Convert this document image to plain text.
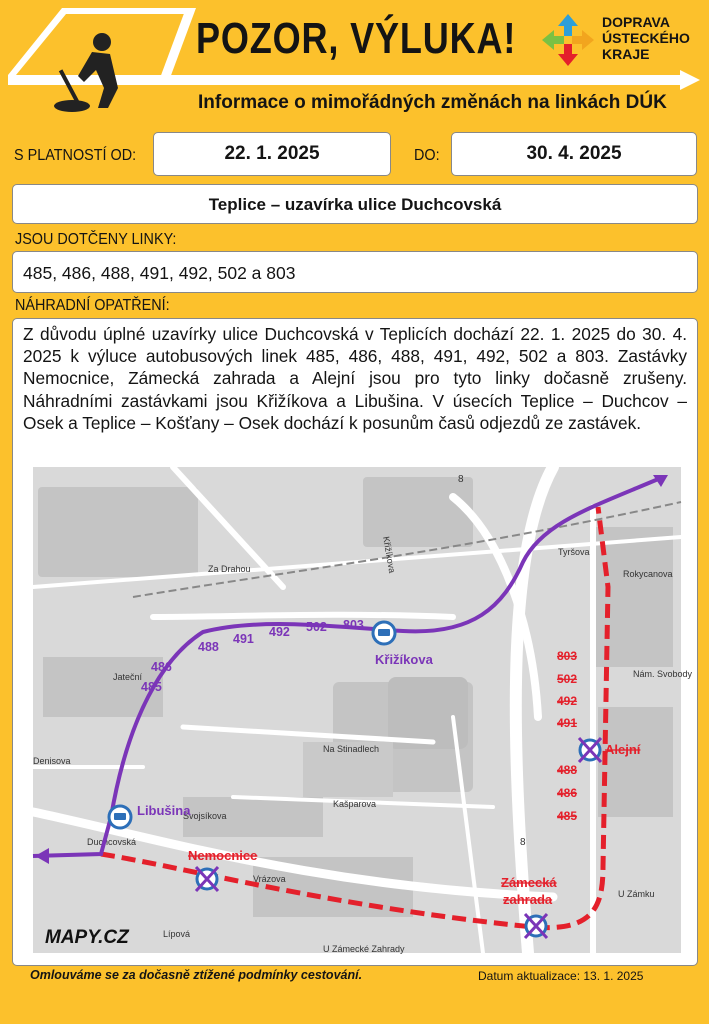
POZOR, VÝLUKA!
Informace o mimořádných změnách na linkách DÚK
DOPRAVA
ÚSTECKÉHO
KRAJE
S PLATNOSTÍ OD:	22. 1. 2025	DO:	30. 4. 2025
Teplice – uzavírka ulice Duchcovská
JSOU DOTČENY LINKY:
485, 486, 488, 491, 492, 502 a 803
NÁHRADNÍ OPATŘENÍ:
Z důvodu úplné uzavírky ulice Duchcovská v Teplicích dochází 22. 1. 2025 do 30. 4. 2025 k výluce autobusových linek 485, 486, 488, 491, 492, 502 a 803. Zastávky Nemocnice, Zámecká zahrada a Alejní jsou pro tyto linky dočasně zrušeny. Náhradními zastávkami jsou Křižíkova a Libušina. V úsecích Teplice – Duchcov – Osek a Teplice – Košťany – Osek dochází k posunům časů odjezdů ze zastávek.
Za Drahou
Jateční
Křižíkova
Na Stinadlech
Denisova
Svojsíkova
Kašparova
Duchcovská
Vrázova
U Zámecké Zahrady
Nám. Svobody
U Zámku
Tyršova
Rokycanova
Lípová
8
8
485
486
488
491 492 502 803
803
502
492
491
488
486
485
Křižíkova
Libušina
Nemocnice
Zámecká
zahrada
Alejní
MAPY.CZ
Omlouváme se za dočasně ztížené podmínky cestování.	Datum aktualizace: 13. 1. 2025
